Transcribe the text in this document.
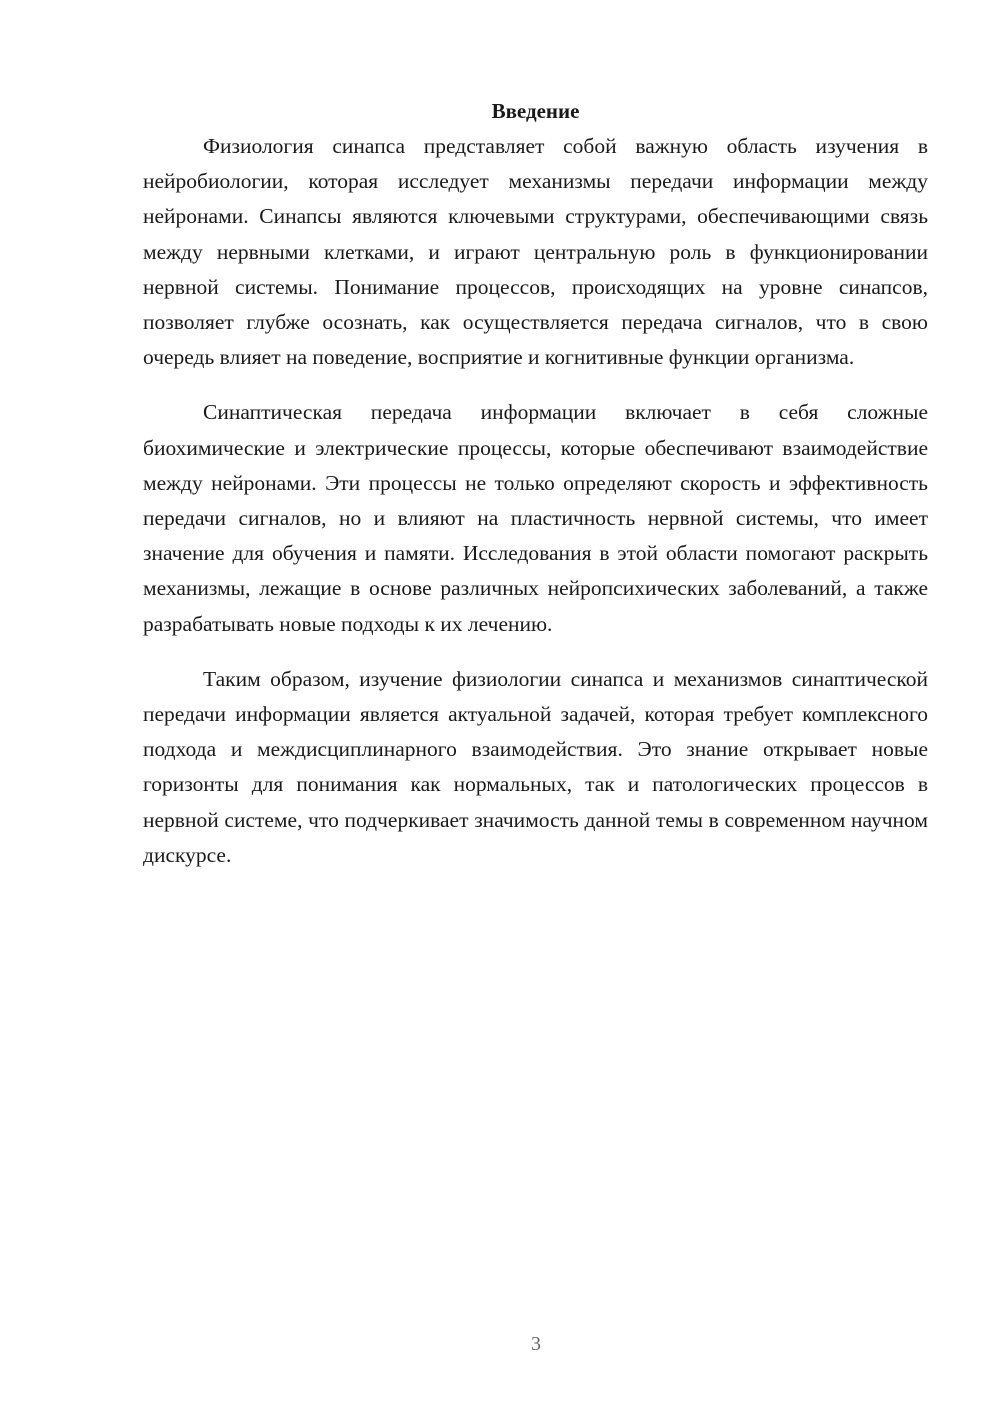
Введение

Физиология синапса представляет собой важную область изучения в нейробиологии, которая исследует механизмы передачи информации между нейронами. Синапсы являются ключевыми структурами, обеспечивающими связь между нервными клетками, и играют центральную роль в функционировании нервной системы. Понимание процессов, происходящих на уровне синапсов, позволяет глубже осознать, как осуществляется передача сигналов, что в свою очередь влияет на поведение, восприятие и когнитивные функции организма.

Синаптическая передача информации включает в себя сложные биохимические и электрические процессы, которые обеспечивают взаимодействие между нейронами. Эти процессы не только определяют скорость и эффективность передачи сигналов, но и влияют на пластичность нервной системы, что имеет значение для обучения и памяти. Исследования в этой области помогают раскрыть механизмы, лежащие в основе различных нейропсихических заболеваний, а также разрабатывать новые подходы к их лечению.

Таким образом, изучение физиологии синапса и механизмов синаптической передачи информации является актуальной задачей, которая требует комплексного подхода и междисциплинарного взаимодействия. Это знание открывает новые горизонты для понимания как нормальных, так и патологических процессов в нервной системе, что подчеркивает значимость данной темы в современном научном дискурсе.

3
